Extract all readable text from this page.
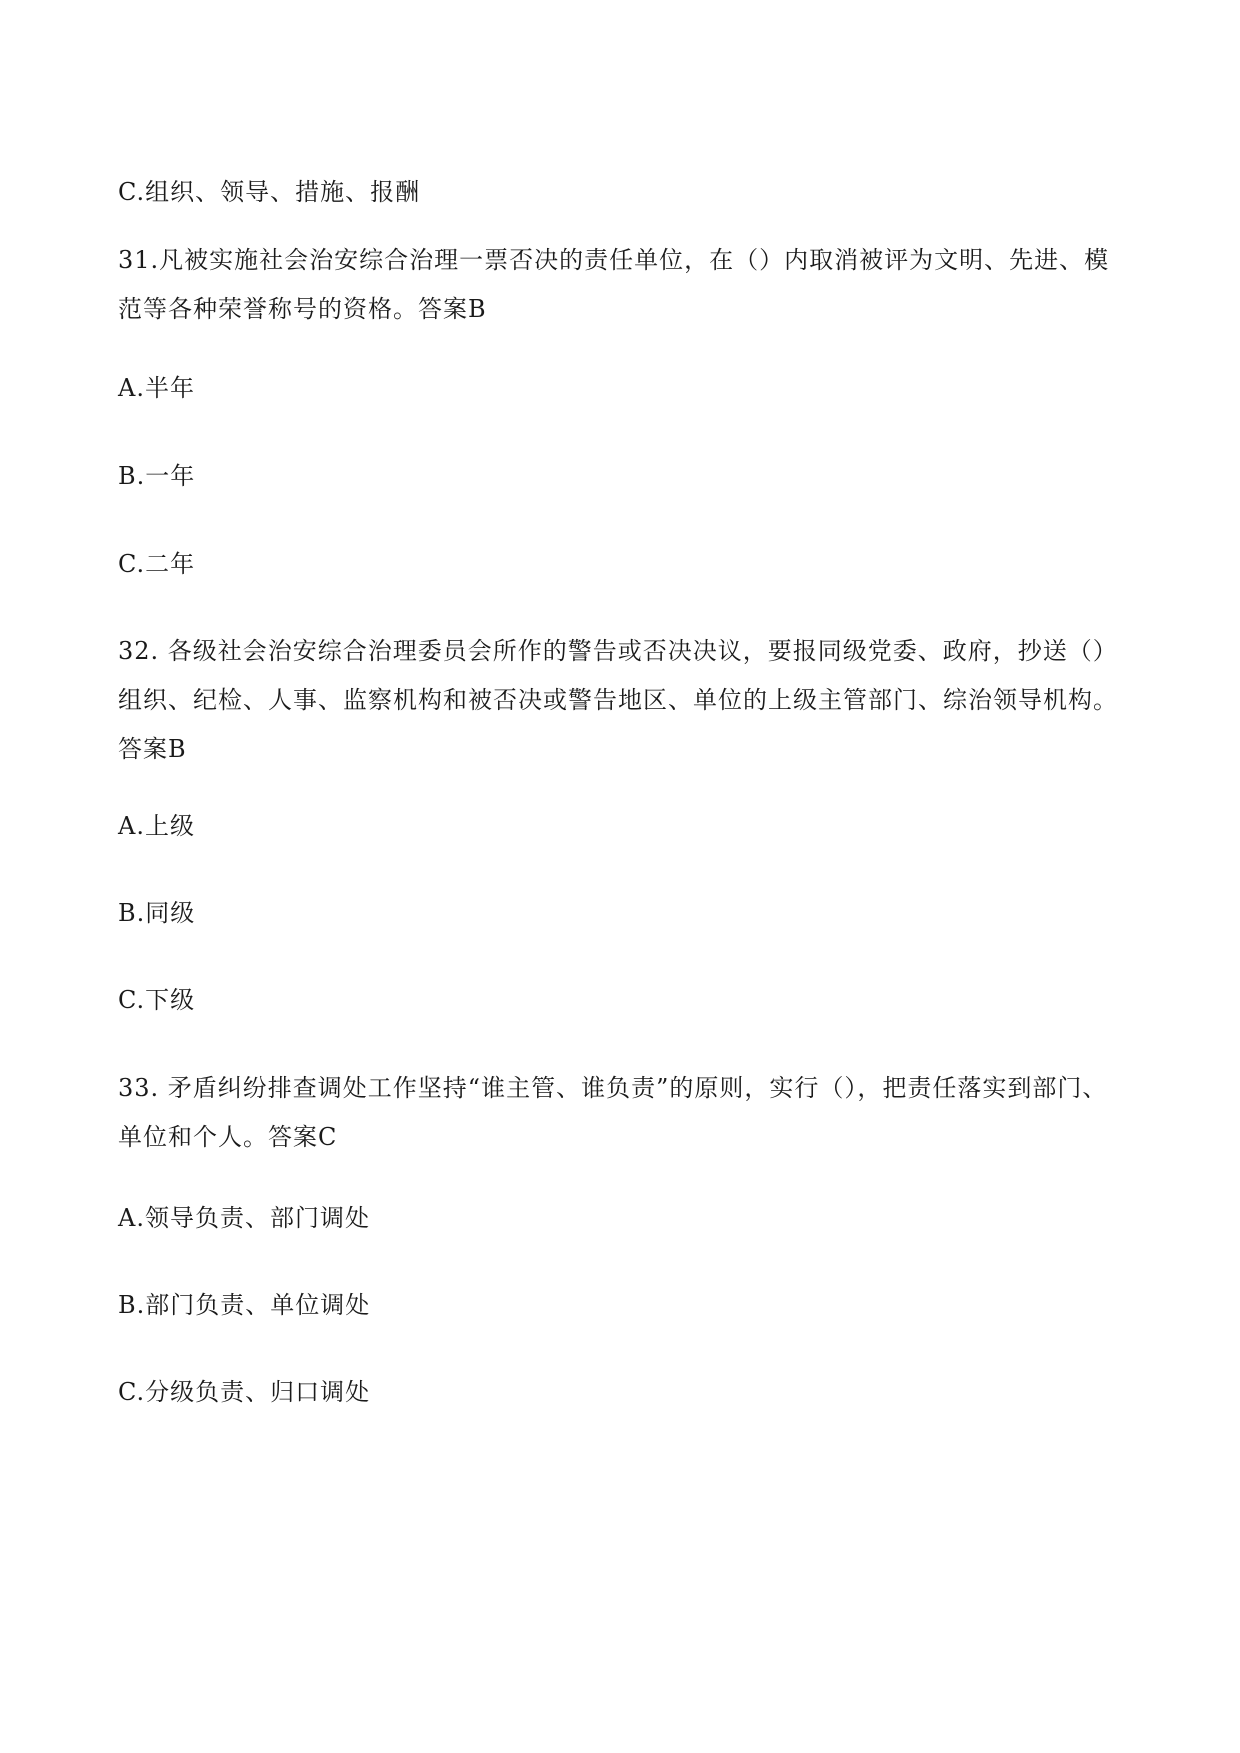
C.组织、领导、措施、报酬
31.凡被实施社会治安综合治理一票否决的责任单位，在（）内取消被评为文明、先进、模范等各种荣誉称号的资格。答案B
A.半年
B.一年
C.二年
32. 各级社会治安综合治理委员会所作的警告或否决决议，要报同级党委、政府，抄送（）组织、纪检、人事、监察机构和被否决或警告地区、单位的上级主管部门、综治领导机构。答案B
A.上级
B.同级
C.下级
33. 矛盾纠纷排查调处工作坚持“谁主管、谁负责”的原则，实行（），把责任落实到部门、单位和个人。答案C
A.领导负责、部门调处
B.部门负责、单位调处
C.分级负责、归口调处
